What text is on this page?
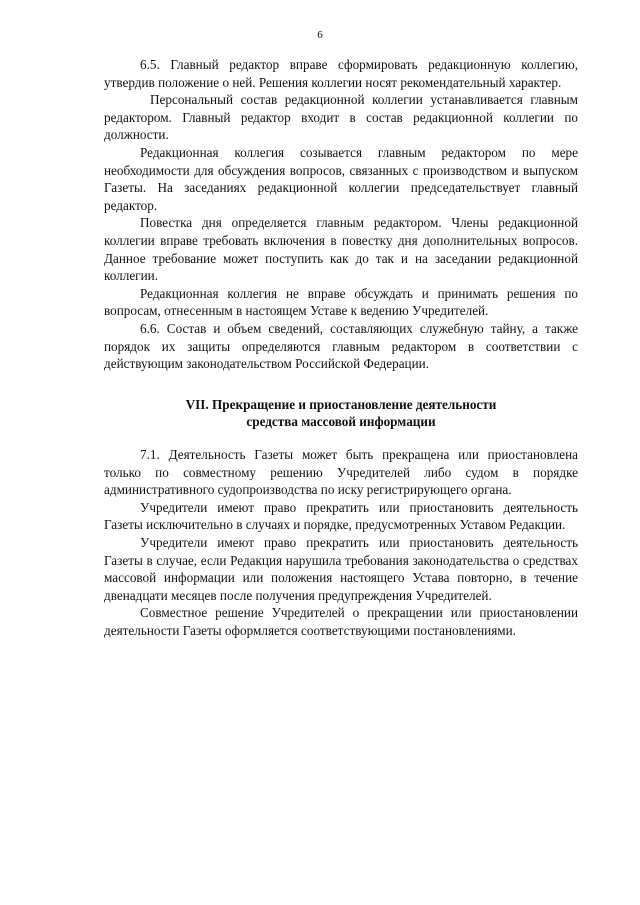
6

6.5. Главный редактор вправе сформировать редакционную коллегию, утвердив положение о ней. Решения коллегии носят рекомендательный характер.

Персональный состав редакционной коллегии устанавливается главным редактором. Главный редактор входит в состав редакционной коллегии по должности.

Редакционная коллегия созывается главным редактором по мере необходимости для обсуждения вопросов, связанных с производством и выпуском Газеты. На заседаниях редакционной коллегии председательствует главный редактор.

Повестка дня определяется главным редактором. Члены редакционной коллегии вправе требовать включения в повестку дня дополнительных вопросов. Данное требование может поступить как до так и на заседании редакционной коллегии.

Редакционная коллегия не вправе обсуждать и принимать решения по вопросам, отнесенным в настоящем Уставе к ведению Учредителей.

6.6. Состав и объем сведений, составляющих служебную тайну, а также порядок их защиты определяются главным редактором в соответствии с действующим законодательством Российской Федерации.

VII. Прекращение и приостановление деятельности
средства массовой информации

7.1. Деятельность Газеты может быть прекращена или приостановлена только по совместному решению Учредителей либо судом в порядке административного судопроизводства по иску регистрирующего органа.

Учредители имеют право прекратить или приостановить деятельность Газеты исключительно в случаях и порядке, предусмотренных Уставом Редакции.

Учредители имеют право прекратить или приостановить деятельность Газеты в случае, если Редакция нарушила требования законодательства о средствах массовой информации или положения настоящего Устава повторно, в течение двенадцати месяцев после получения предупреждения Учредителей.

Совместное решение Учредителей о прекращении или приостановлении деятельности Газеты оформляется соответствующими постановлениями.
